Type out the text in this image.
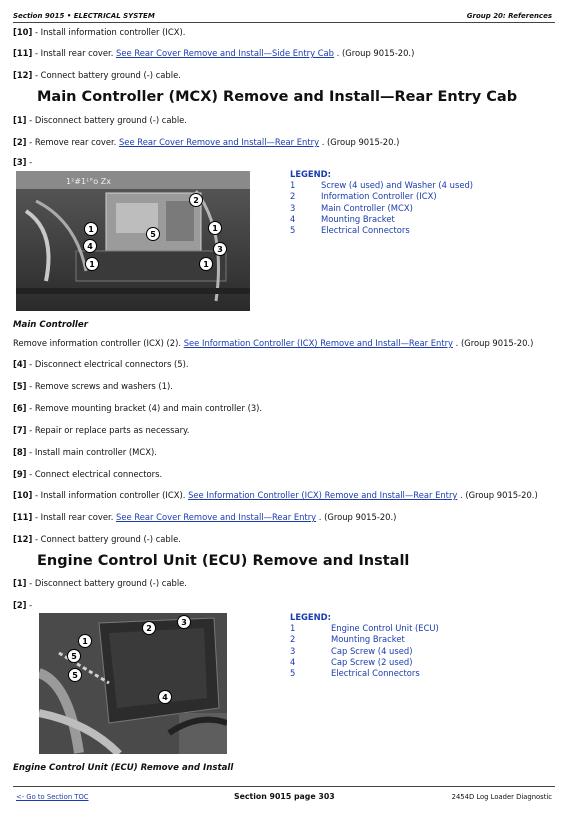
Section 9015 • ELECTRICAL SYSTEM	Group 20: References
[10] - Install information controller (ICX).
[11] - Install rear cover. See Rear Cover Remove and Install—Side Entry Cab . (Group 9015-20.)
[12] - Connect battery ground (-) cable.
Main Controller (MCX) Remove and Install—Rear Entry Cab
[1] - Disconnect battery ground (-) cable.
[2] - Remove rear cover. See Rear Cover Remove and Install—Rear Entry . (Group 9015-20.)
[3] -
1²#1¹°o Zx
1
2
3
4
5
1
1
1
LEGEND:
1	Screw (4 used) and Washer (4 used)
2	Information Controller (ICX)
3	Main Controller (MCX)
4	Mounting Bracket
5	Electrical Connectors
Main Controller
Remove information controller (ICX) (2). See Information Controller (ICX) Remove and Install—Rear Entry . (Group 9015-20.)
[4] - Disconnect electrical connectors (5).
[5] - Remove screws and washers (1).
[6] - Remove mounting bracket (4) and main controller (3).
[7] - Repair or replace parts as necessary.
[8] - Install main controller (MCX).
[9] - Connect electrical connectors.
[10] - Install information controller (ICX). See Information Controller (ICX) Remove and Install—Rear Entry . (Group 9015-20.)
[11] - Install rear cover. See Rear Cover Remove and Install—Rear Entry . (Group 9015-20.)
[12] - Connect battery ground (-) cable.
Engine Control Unit (ECU) Remove and Install
[1] - Disconnect battery ground (-) cable.
[2] -
1
2
3
4
5
5
LEGEND:
1	Engine Control Unit (ECU)
2	Mounting Bracket
3	Cap Screw (4 used)
4	Cap Screw (2 used)
5	Electrical Connectors
Engine Control Unit (ECU) Remove and Install
<- Go to Section TOC	Section 9015 page 303	2454D Log Loader Diagnostic
